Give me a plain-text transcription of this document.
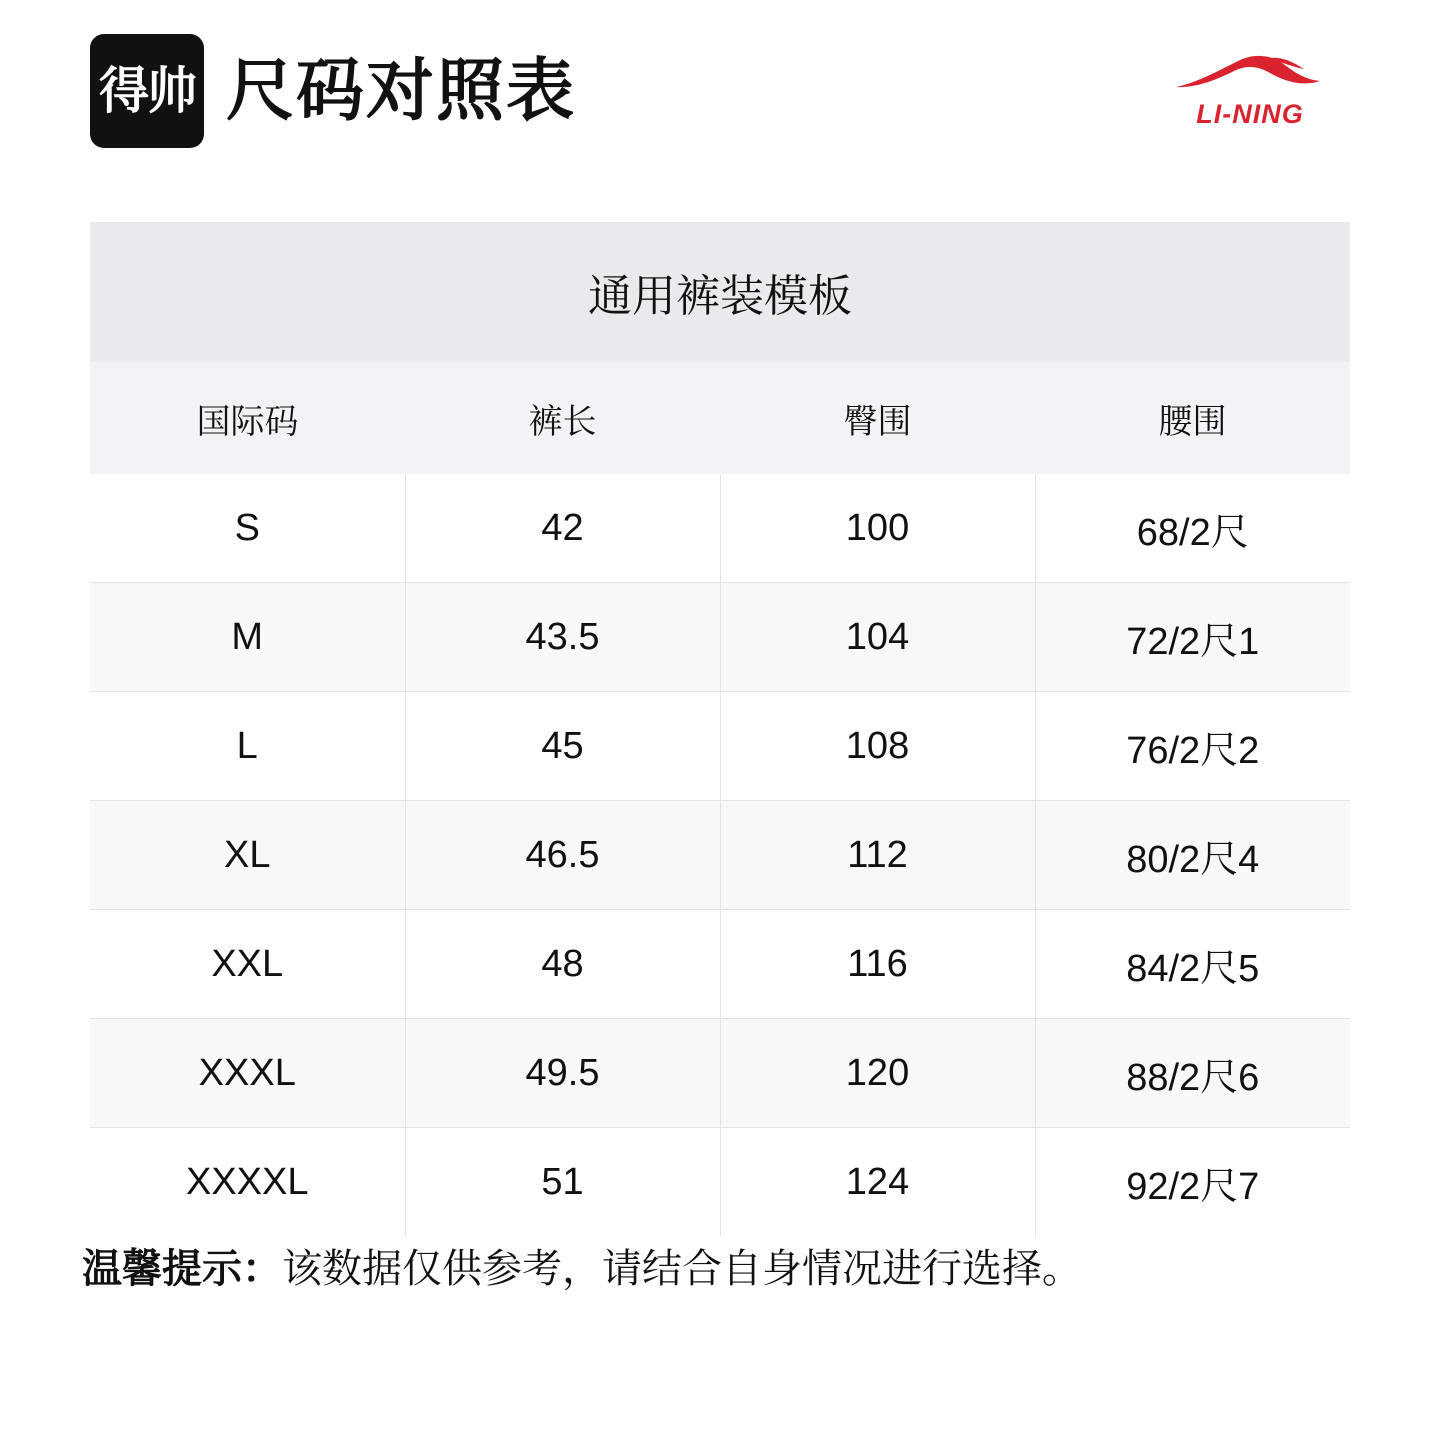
得帅 尺码对照表	LI-NING
通用裤装模板
国际码	裤长	臀围	腰围
S	42	100	68/2尺
M	43.5	104	72/2尺1
L	45	108	76/2尺2
XL	46.5	112	80/2尺4
XXL	48	116	84/2尺5
XXXL	49.5	120	88/2尺6
XXXXL	51	124	92/2尺7
温馨提示：该数据仅供参考，请结合自身情况进行选择。
